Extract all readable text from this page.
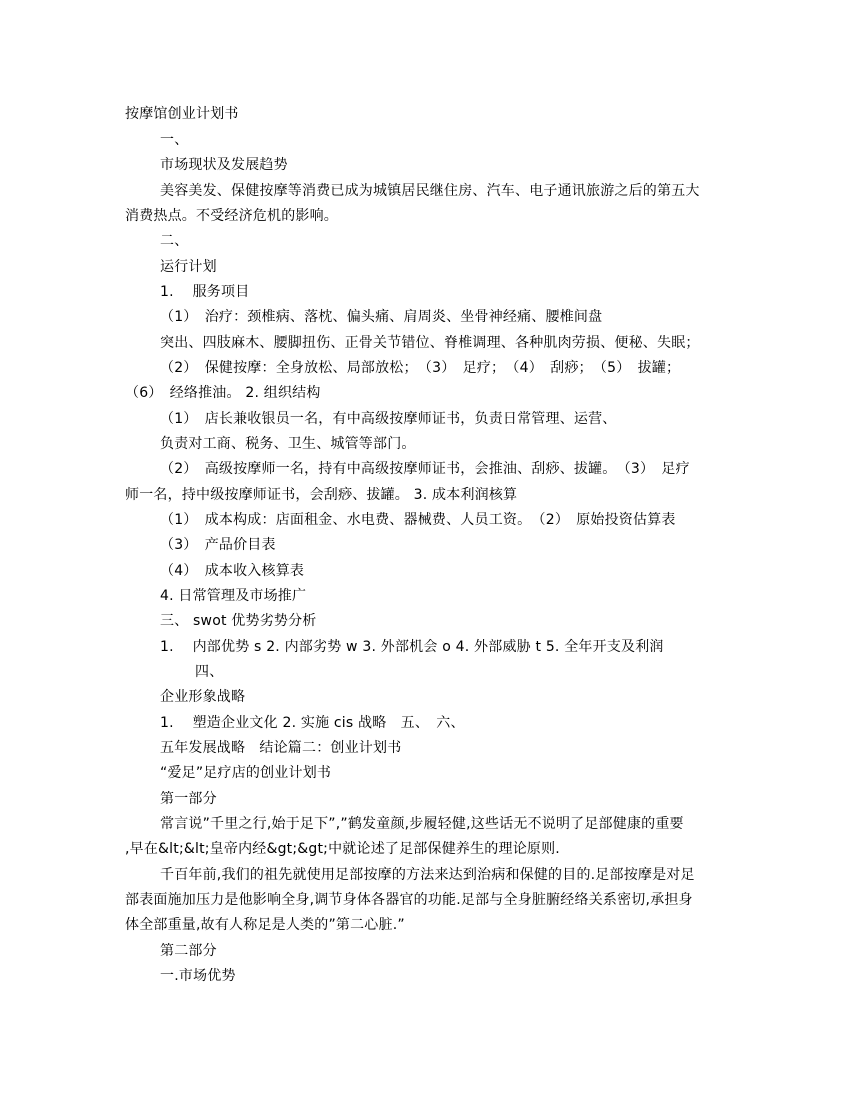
按摩馆创业计划书
一、
市场现状及发展趋势
美容美发、保健按摩等消费已成为城镇居民继住房、汽车、电子通讯旅游之后的第五大
消费热点。不受经济危机的影响。
二、
运行计划
1.　 服务项目
（1）　治疗：颈椎病、落枕、偏头痛、肩周炎、坐骨神经痛、腰椎间盘
突出、四肢麻木、腰脚扭伤、正骨关节错位、脊椎调理、各种肌肉劳损、便秘、失眠；
（2）　保健按摩：全身放松、局部放松；　（3）　足疗；　（4）　刮痧；　（5）　拔罐；
（6）　经络推油。 2. 组织结构
（1）　店长兼收银员一名，有中高级按摩师证书，负责日常管理、运营、
负责对工商、税务、卫生、城管等部门。
（2）　高级按摩师一名，持有中高级按摩师证书，会推油、刮痧、拔罐。　（3）　足疗
师一名，持中级按摩师证书，会刮痧、拔罐。 3. 成本利润核算
（1）　成本构成：店面租金、水电费、器械费、人员工资。　（2）　原始投资估算表
（3）　产品价目表
（4）　成本收入核算表
4. 日常管理及市场推广
三、 swot 优势劣势分析
1.　 内部优势 s 2. 内部劣势 w 3. 外部机会 o 4. 外部威胁 t 5. 全年开支及利润
四、
企业形象战略
1.　 塑造企业文化 2. 实施 cis 战略　五、　六、
五年发展战略　结论篇二：创业计划书
“爱足”足疗店的创业计划书
第一部分
常言说”千里之行,始于足下”,”鹤发童颜,步履轻健,这些话无不说明了足部健康的重要
,早在&lt;&lt;皇帝内经&gt;&gt;中就论述了足部保健养生的理论原则.
千百年前,我们的祖先就使用足部按摩的方法来达到治病和保健的目的.足部按摩是对足
部表面施加压力是他影响全身,调节身体各器官的功能.足部与全身脏腑经络关系密切,承担身
体全部重量,故有人称足是人类的”第二心脏.”
第二部分
一.市场优势
